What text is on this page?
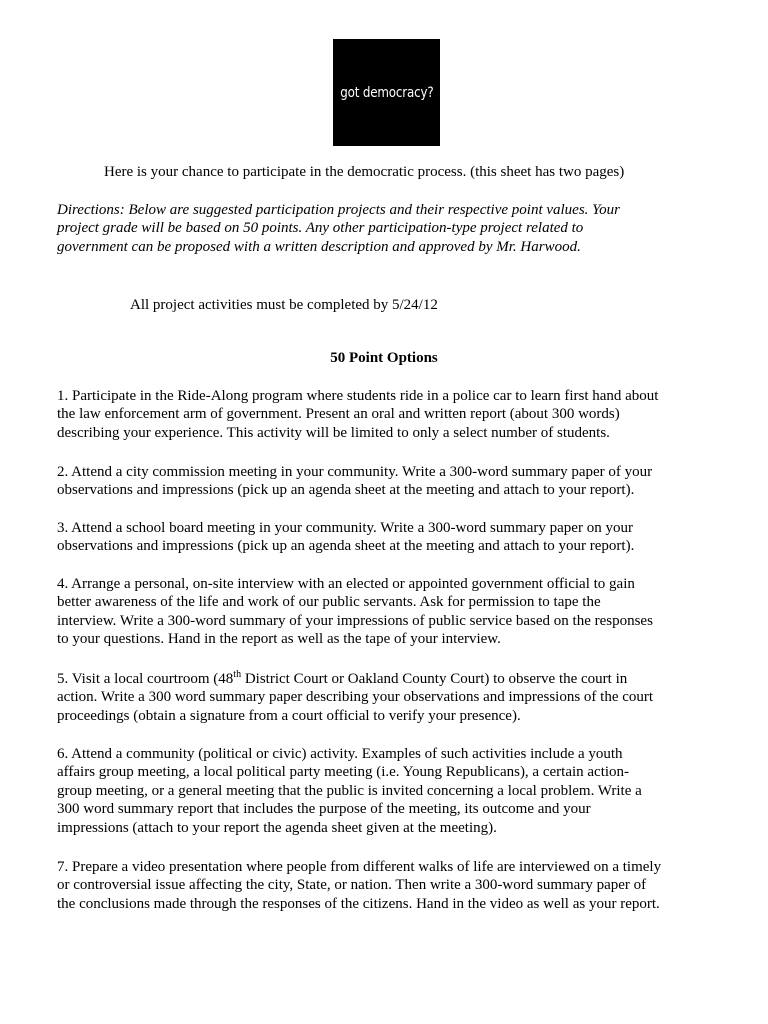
got democracy?

Here is your chance to participate in the democratic process. (this sheet has two pages)

Directions: Below are suggested participation projects and their respective point values. Your

project grade will be based on 50 points. Any other participation-type project related to

government can be proposed with a written description and approved by Mr. Harwood.

All project activities must be completed by 5/24/12

50 Point Options
1. Participate in the Ride-Along program where students ride in a police car to learn first hand about
the law enforcement arm of government. Present an oral and written report (about 300 words)
describing your experience. This activity will be limited to only a select number of students.
2. Attend a city commission meeting in your community. Write a 300-word summary paper of your
observations and impressions (pick up an agenda sheet at the meeting and attach to your report).
3. Attend a school board meeting in your community. Write a 300-word summary paper on your
observations and impressions (pick up an agenda sheet at the meeting and attach to your report).
4. Arrange a personal, on-site interview with an elected or appointed government official to gain
better awareness of the life and work of our public servants. Ask for permission to tape the
interview. Write a 300-word summary of your impressions of public service based on the responses
to your questions. Hand in the report as well as the tape of your interview.
5. Visit a local courtroom (48th District Court or Oakland County Court) to observe the court in
action. Write a 300 word summary paper describing your observations and impressions of the court
proceedings (obtain a signature from a court official to verify your presence).
6. Attend a community (political or civic) activity. Examples of such activities include a youth
affairs group meeting, a local political party meeting (i.e. Young Republicans), a certain action-
group meeting, or a general meeting that the public is invited concerning a local problem. Write a
300 word summary report that includes the purpose of the meeting, its outcome and your
impressions (attach to your report the agenda sheet given at the meeting).
7. Prepare a video presentation where people from different walks of life are interviewed on a timely
or controversial issue affecting the city, State, or nation. Then write a 300-word summary paper of
the conclusions made through the responses of the citizens. Hand in the video as well as your report.
